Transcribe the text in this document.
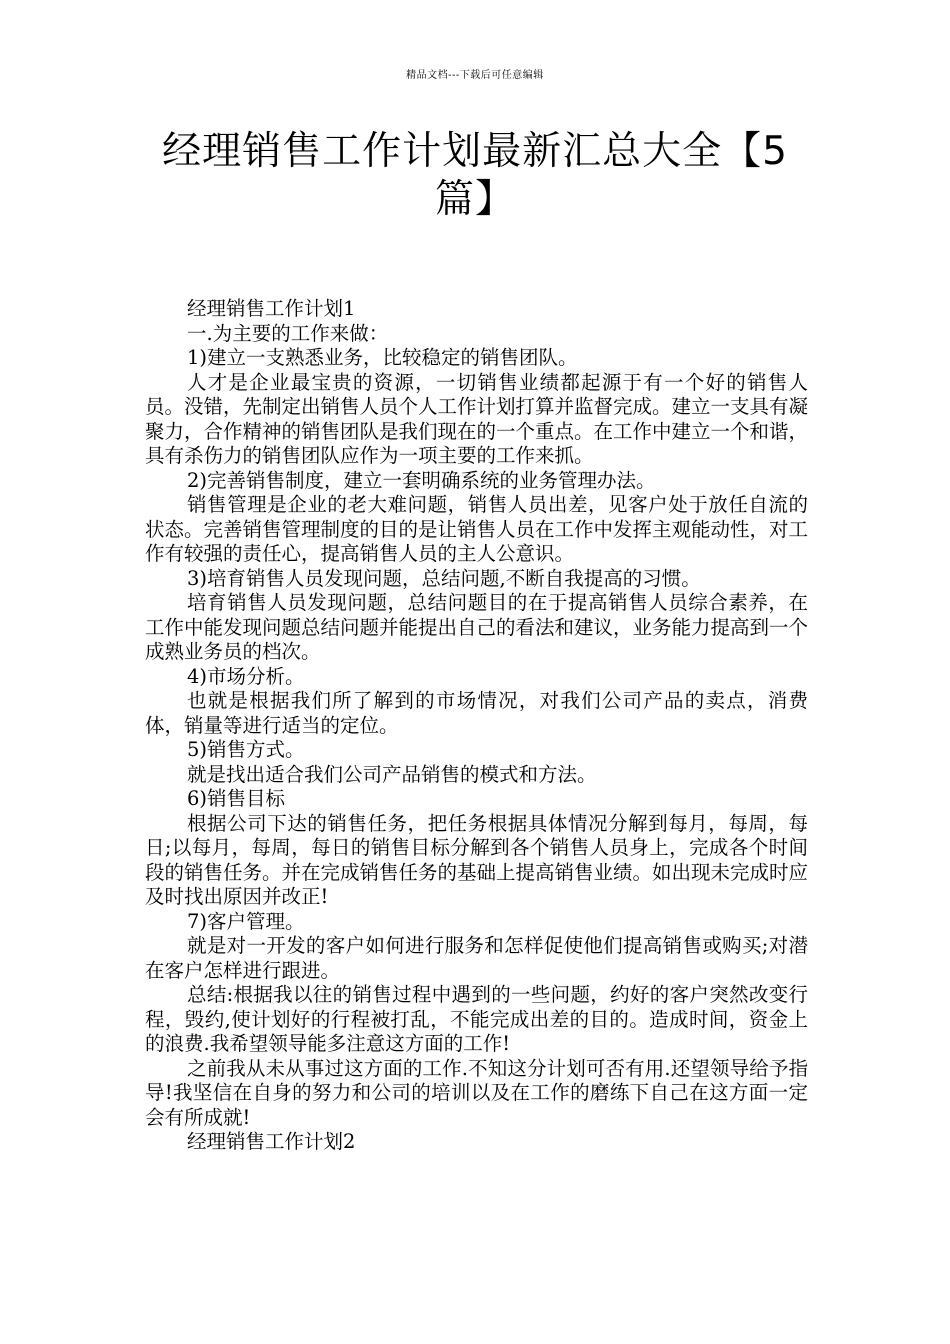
精品文档---下载后可任意编辑
经理销售工作计划最新汇总大全【5篇】

经理销售工作计划1

一.为主要的工作来做：

1)建立一支熟悉业务，比较稳定的销售团队。

人才是企业最宝贵的资源，一切销售业绩都起源于有一个好的销售人员。没错，先制定出销售人员个人工作计划打算并监督完成。建立一支具有凝聚力，合作精神的销售团队是我们现在的一个重点。在工作中建立一个和谐，具有杀伤力的销售团队应作为一项主要的工作来抓。

2)完善销售制度，建立一套明确系统的业务管理办法。

销售管理是企业的老大难问题，销售人员出差，见客户处于放任自流的状态。完善销售管理制度的目的是让销售人员在工作中发挥主观能动性，对工作有较强的责任心，提高销售人员的主人公意识。

3)培育销售人员发现问题，总结问题,不断自我提高的习惯。

培育销售人员发现问题，总结问题目的在于提高销售人员综合素养，在工作中能发现问题总结问题并能提出自己的看法和建议，业务能力提高到一个成熟业务员的档次。

4)市场分析。

也就是根据我们所了解到的市场情况，对我们公司产品的卖点，消费体，销量等进行适当的定位。

5)销售方式。

就是找出适合我们公司产品销售的模式和方法。

6)销售目标

根据公司下达的销售任务，把任务根据具体情况分解到每月，每周，每日;以每月，每周，每日的销售目标分解到各个销售人员身上，完成各个时间段的销售任务。并在完成销售任务的基础上提高销售业绩。如出现未完成时应及时找出原因并改正!

7)客户管理。

就是对一开发的客户如何进行服务和怎样促使他们提高销售或购买;对潜在客户怎样进行跟进。

总结:根据我以往的销售过程中遇到的一些问题，约好的客户突然改变行程，毁约,使计划好的行程被打乱，不能完成出差的目的。造成时间，资金上的浪费.我希望领导能多注意这方面的工作!

之前我从未从事过这方面的工作.不知这分计划可否有用.还望领导给予指导!我坚信在自身的努力和公司的培训以及在工作的磨练下自己在这方面一定会有所成就!

经理销售工作计划2
